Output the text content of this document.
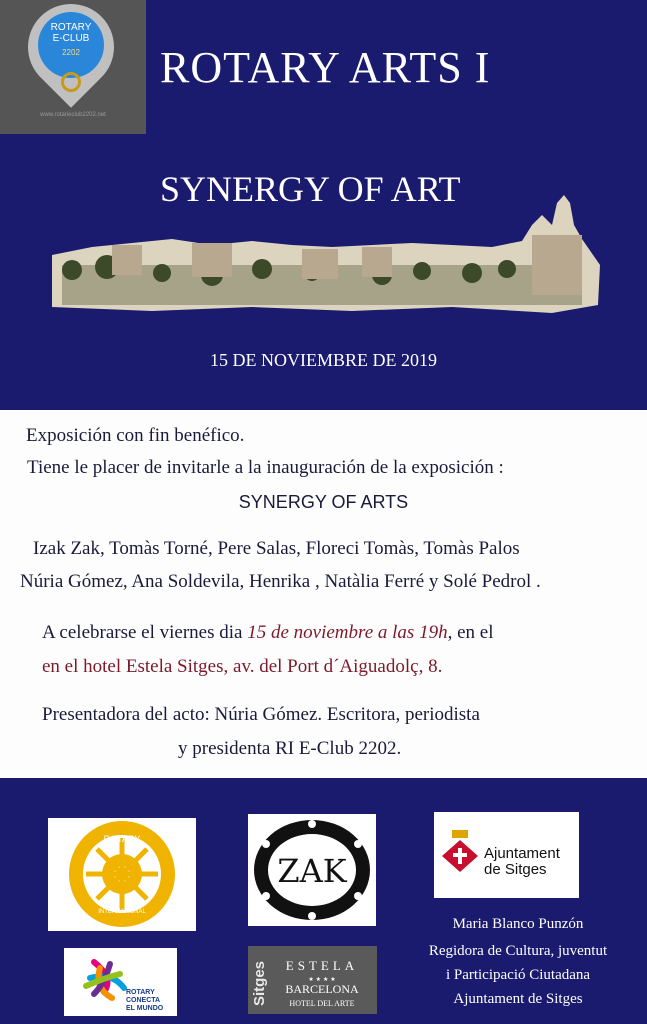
ROTARY
E-CLUB
2202
www.rotarieclub2202.net
ROTARY ARTS I
SYNERGY OF ART
15 DE NOVIEMBRE DE 2019
Exposición con fin benéfico.
Tiene le placer de invitarle a la inauguración de la exposición :
SYNERGY OF ARTS
Izak Zak, Tomàs Torné, Pere Salas, Floreci Tomàs, Tomàs Palos
Núria Gómez, Ana Soldevila, Henrika , Natàlia Ferré y Solé Pedrol .
A celebrarse el viernes dia 15 de noviembre a las 19h, en el
en el hotel Estela Sitges, av. del Port d´Aiguadolç, 8.
Presentadora del acto: Núria Gómez. Escritora, periodista
y presidenta RI E-Club 2202.
ROTARY
INTERNATIONAL
ZAK	Ajuntament
de Sitges
ROTARY
CONECTA
EL MUNDO
Sitges ESTELA
★ ★ ★ ★
BARCELONA
HOTEL DEL ARTE
Maria Blanco Punzón
Regidora de Cultura, juventut
i Participació Ciutadana
Ajuntament de Sitges
